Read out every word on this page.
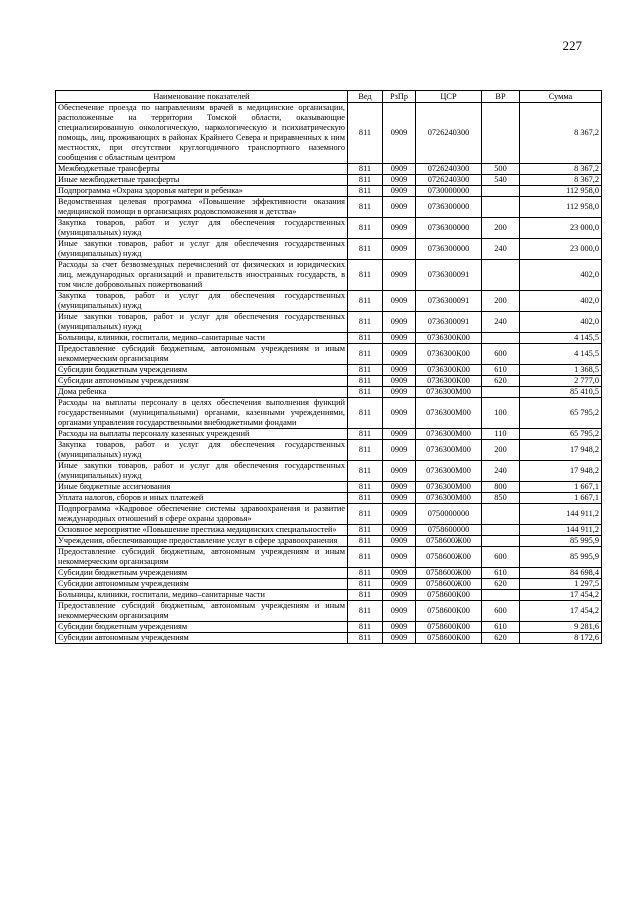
227
Наименование показателей	Вед	РзПр	ЦСР	ВР	Сумма
Обеспечение проезда по направлениям врачей в медицинские организации, расположенные на территории Томской области, оказывающие специализированную онкологическую, наркологическую и психиатрическую помощь, лиц, проживающих в районах Крайнего Севера и приравненных к ним местностях, при отсутствии круглогодичного транспортного наземного сообщения с областным центром	811	0909	0726240300		8 367,2
Межбюджетные трансферты	811	0909	0726240300	500	8 367,2
Иные межбюджетные трансферты	811	0909	0726240300	540	8 367,2
Подпрограмма «Охрана здоровья матери и ребенка»	811	0909	0730000000		112 958,0
Ведомственная целевая программа «Повышение эффективности оказания медицинской помощи в организациях родовспоможения и детства»	811	0909	0736300000		112 958,0
Закупка товаров, работ и услуг для обеспечения государственных (муниципальных) нужд	811	0909	0736300000	200	23 000,0
Иные закупки товаров, работ и услуг для обеспечения государственных (муниципальных) нужд	811	0909	0736300000	240	23 000,0
Расходы за счет безвозмездных перечислений от физических и юридических лиц, международных организаций и правительств иностранных государств, в том числе добровольных пожертвований	811	0909	0736300091		402,0
Закупка товаров, работ и услуг для обеспечения государственных (муниципальных) нужд	811	0909	0736300091	200	402,0
Иные закупки товаров, работ и услуг для обеспечения государственных (муниципальных) нужд	811	0909	0736300091	240	402,0
Больницы, клиники, госпитали, медико–санитарные части	811	0909	0736300К00		4 145,5
Предоставление субсидий бюджетным, автономным учреждениям и иным некоммерческим организациям	811	0909	0736300К00	600	4 145,5
Субсидии бюджетным учреждениям	811	0909	0736300К00	610	1 368,5
Субсидии автономным учреждениям	811	0909	0736300К00	620	2 777,0
Дома ребенка	811	0909	0736300М00		85 410,5
Расходы на выплаты персоналу в целях обеспечения выполнения функций государственными (муниципальными) органами, казенными учреждениями, органами управления государственными внебюджетными фондами	811	0909	0736300М00	100	65 795,2
Расходы на выплаты персоналу казенных учреждений	811	0909	0736300М00	110	65 795,2
Закупка товаров, работ и услуг для обеспечения государственных (муниципальных) нужд	811	0909	0736300М00	200	17 948,2
Иные закупки товаров, работ и услуг для обеспечения государственных (муниципальных) нужд	811	0909	0736300М00	240	17 948,2
Иные бюджетные ассигнования	811	0909	0736300М00	800	1 667,1
Уплата налогов, сборов и иных платежей	811	0909	0736300М00	850	1 667,1
Подпрограмма «Кадровое обеспечение системы здравоохранения и развитие международных отношений в сфере охраны здоровья»	811	0909	0750000000		144 911,2
Основное мероприятие «Повышение престижа медицинских специальностей»	811	0909	0758600000		144 911,2
Учреждения, обеспечивающие предоставление услуг в сфере здравоохранения	811	0909	0758600Ж00		85 995,9
Предоставление субсидий бюджетным, автономным учреждениям и иным некоммерческим организациям	811	0909	0758600Ж00	600	85 995,9
Субсидии бюджетным учреждениям	811	0909	0758600Ж00	610	84 698,4
Субсидии автономным учреждениям	811	0909	0758600Ж00	620	1 297,5
Больницы, клиники, госпитали, медико–санитарные части	811	0909	0758600К00		17 454,2
Предоставление субсидий бюджетным, автономным учреждениям и иным некоммерческим организациям	811	0909	0758600К00	600	17 454,2
Субсидии бюджетным учреждениям	811	0909	0758600К00	610	9 281,6
Субсидии автономным учреждениям	811	0909	0758600К00	620	8 172,6
